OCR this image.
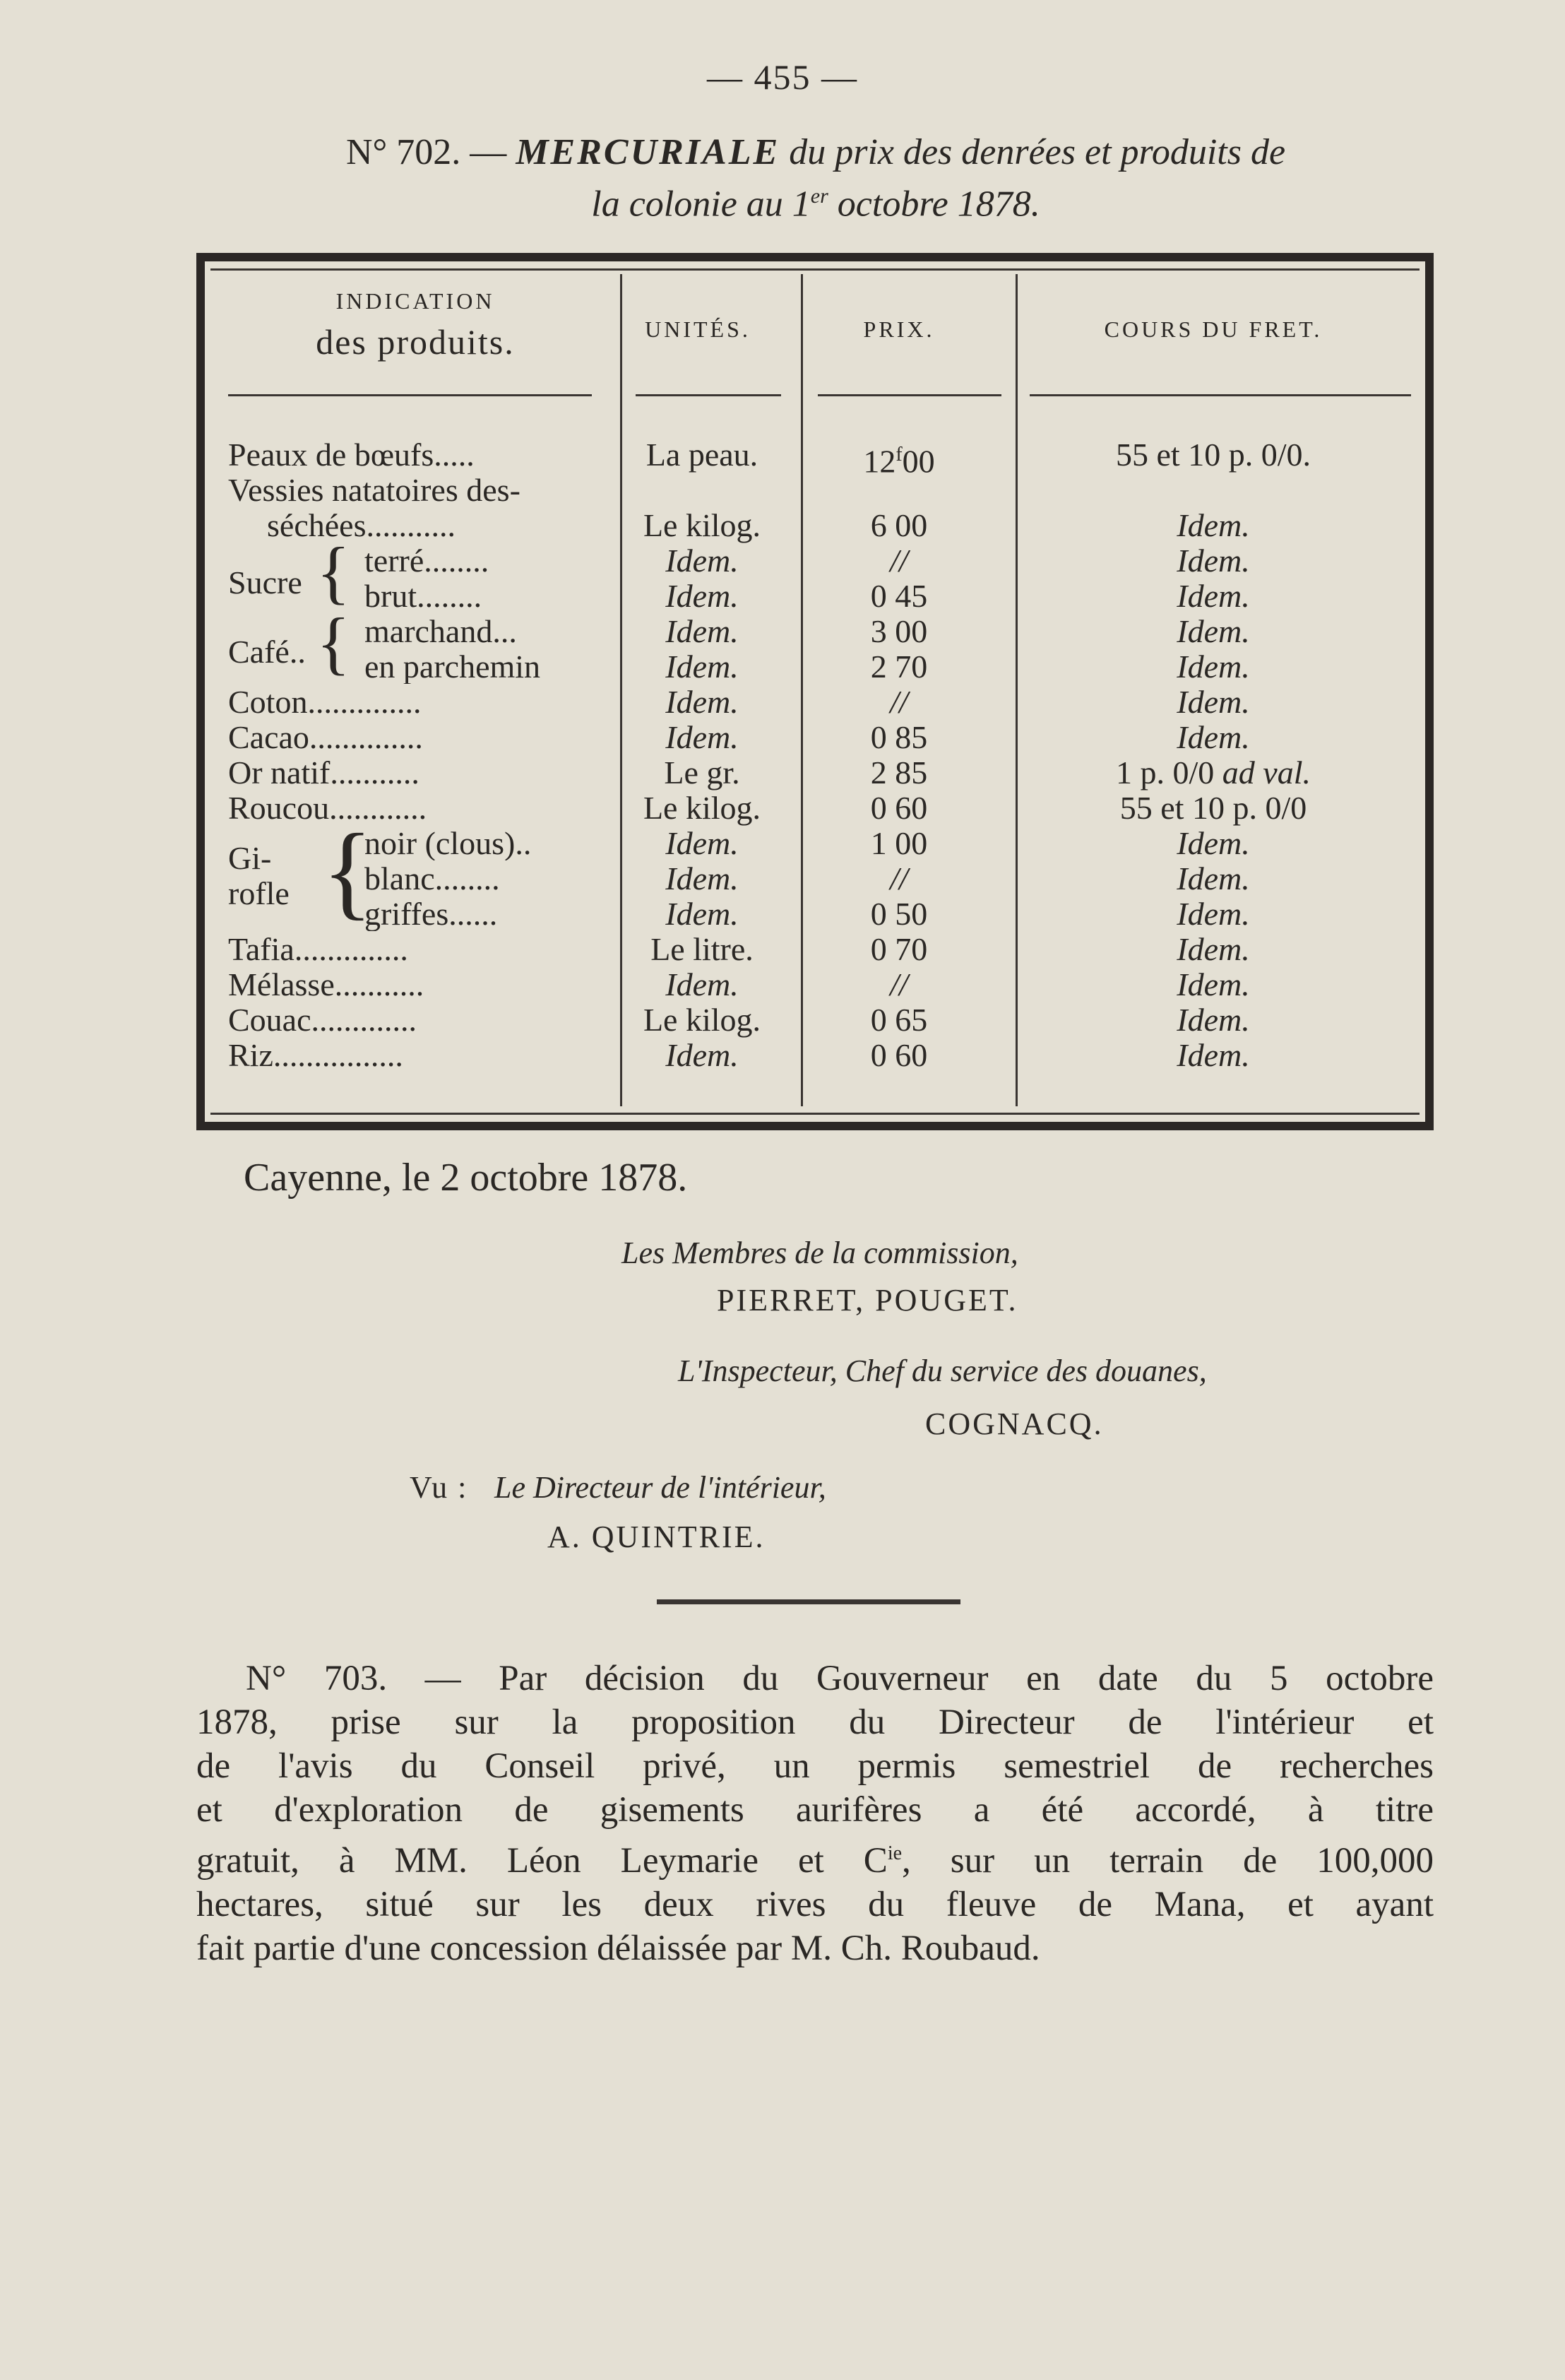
— 455 —
N° 702. — MERCURIALE du prix des denrées et produits de
la colonie au 1er octobre 1878.
INDICATION
des produits.	UNITÉS.	PRIX.	COURS DU FRET.
Peaux de bœufs.....	La peau.	12$^f$00	55 et 10 p. 0/0.
Vessies natatoires des-
séchées...........	Le kilog.	6 00	Idem.
Sucre { terré........	Idem.	//	Idem.
brut........	Idem.	0 45	Idem.
Café.. { marchand...	Idem.	3 00	Idem.
en parchemin	Idem.	2 70	Idem.
Coton..............	Idem.	//	Idem.
Cacao..............	Idem.	0 85	Idem.
Or natif...........	Le gr.	2 85	1 p. 0/0 ad val.
Roucou............	Le kilog.	0 60	55 et 10 p. 0/0
Gi-
rofle {
noir (clous)..	Idem.	1 00	Idem.
blanc........	Idem.	//	Idem.
griffes......	Idem.	0 50	Idem.
Tafia..............	Le litre.	0 70	Idem.
Mélasse...........	Idem.	//	Idem.
Couac.............	Le kilog.	0 65	Idem.
Riz................	Idem.	0 60	Idem.
Cayenne, le 2 octobre 1878.
Les Membres de la commission,
PIERRET, POUGET.
L'Inspecteur, Chef du service des douanes,
COGNACQ.
Vu : Le Directeur de l'intérieur,
A. QUINTRIE.
N° 703. — Par décision du Gouverneur en date du 5 octobre
1878, prise sur la proposition du Directeur de l'intérieur et
de l'avis du Conseil privé, un permis semestriel de recherches
et d'exploration de gisements aurifères a été accordé, à titre
gratuit, à MM. Léon Leymarie et $C^{ie}$, sur un terrain de 100,000
hectares, situé sur les deux rives du fleuve de Mana, et ayant
fait partie d'une concession délaissée par M. Ch. Roubaud.
